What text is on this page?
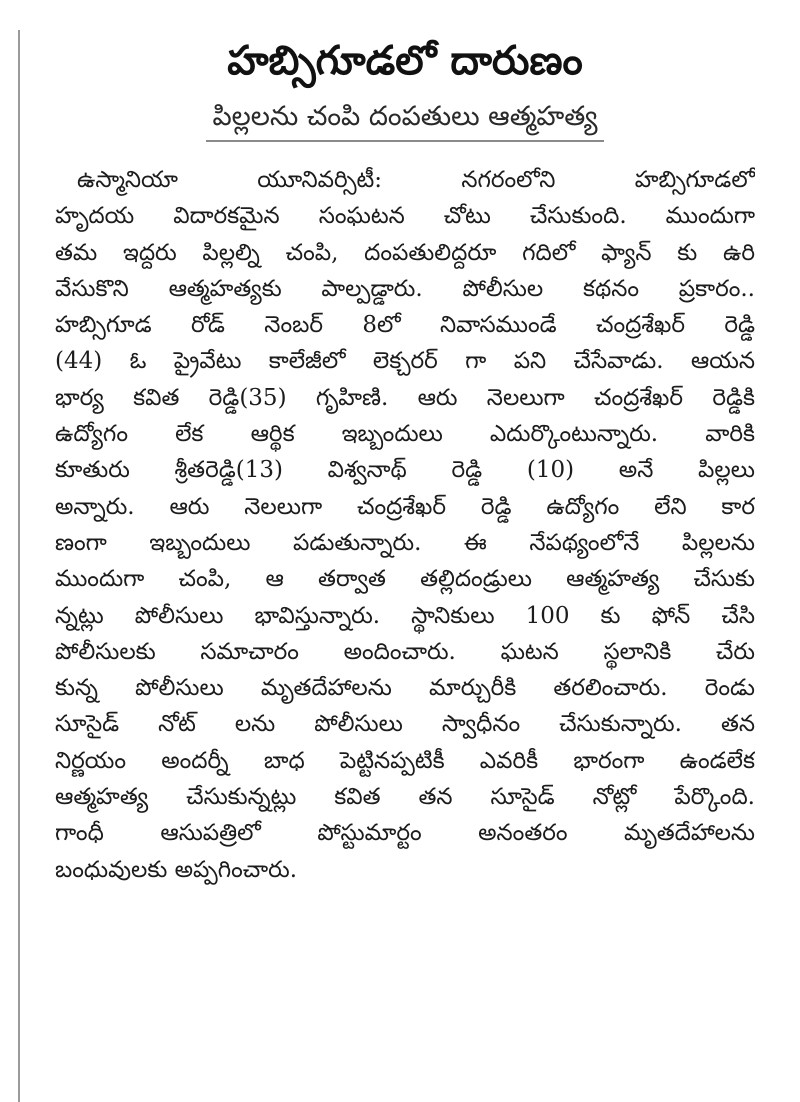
హబ్సిగూడలో దారుణం
పిల్లలను చంపి దంపతులు ఆత్మహత్య
ఉస్మానియా యూనివర్సిటీ: నగరంలోని హబ్సిగూడలో
హృదయ విదారకమైన సంఘటన చోటు చేసుకుంది. ముందుగా
తమ ఇద్దరు పిల్లల్ని చంపి, దంపతులిద్దరూ గదిలో ఫ్యాన్ కు ఉరి
వేసుకొని ఆత్మహత్యకు పాల్పడ్డారు. పోలీసుల కథనం ప్రకారం..
హబ్సిగూడ రోడ్ నెంబర్ 8లో నివాసముండే చంద్రశేఖర్ రెడ్డి
(44) ఓ ప్రైవేటు కాలేజీలో లెక్చరర్ గా పని చేసేవాడు. ఆయన
భార్య కవిత రెడ్డి(35) గృహిణి. ఆరు నెలలుగా చంద్రశేఖర్ రెడ్డికి
ఉద్యోగం లేక ఆర్థిక ఇబ్బందులు ఎదుర్కొంటున్నారు. వారికి
కూతురు శ్రీతరెడ్డి(13) విశ్వనాథ్ రెడ్డి (10) అనే పిల్లలు
అన్నారు. ఆరు నెలలుగా చంద్రశేఖర్ రెడ్డి ఉద్యోగం లేని కార
ణంగా ఇబ్బందులు పడుతున్నారు. ఈ నేపథ్యంలోనే పిల్లలను
ముందుగా చంపి, ఆ తర్వాత తల్లిదండ్రులు ఆత్మహత్య చేసుకు
న్నట్లు పోలీసులు భావిస్తున్నారు. స్థానికులు 100 కు ఫోన్ చేసి
పోలీసులకు సమాచారం అందించారు. ఘటన స్థలానికి చేరు
కున్న పోలీసులు మృతదేహాలను మార్చురీకి తరలించారు. రెండు
సూసైడ్ నోట్ లను పోలీసులు స్వాధీనం చేసుకున్నారు. తన
నిర్ణయం అందర్నీ బాధ పెట్టినప్పటికీ ఎవరికీ భారంగా ఉండలేక
ఆత్మహత్య చేసుకున్నట్లు కవిత తన సూసైడ్ నోట్లో పేర్కొంది.
గాంధీ ఆసుపత్రిలో పోస్టుమార్టం అనంతరం మృతదేహాలను
బంధువులకు అప్పగించారు.
